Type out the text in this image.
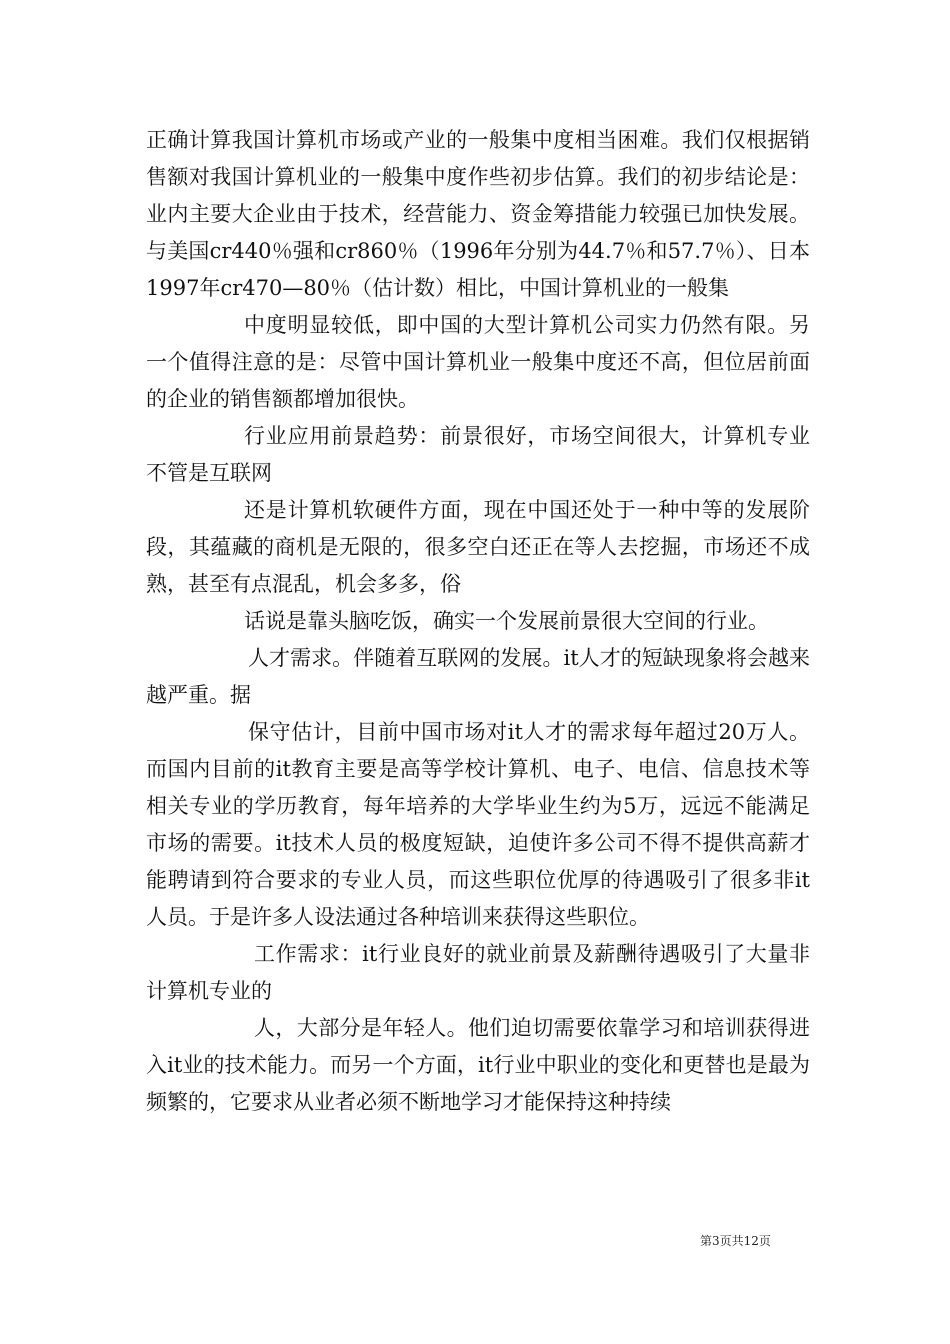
正确计算我国计算机市场或产业的一般集中度相当困难。我们仅根据销售额对我国计算机业的一般集中度作些初步估算。我们的初步结论是：业内主要大企业由于技术，经营能力、资金筹措能力较强已加快发展。与美国cr440％强和cr860％（1996年分别为44.7％和57.7％）、日本1997年cr470—80％（估计数）相比，中国计算机业的一般集

中度明显较低，即中国的大型计算机公司实力仍然有限。另一个值得注意的是：尽管中国计算机业一般集中度还不高，但位居前面的企业的销售额都增加很快。

行业应用前景趋势：前景很好，市场空间很大，计算机专业不管是互联网

还是计算机软硬件方面，现在中国还处于一种中等的发展阶段，其蕴藏的商机是无限的，很多空白还正在等人去挖掘，市场还不成熟，甚至有点混乱，机会多多，俗

话说是靠头脑吃饭，确实一个发展前景很大空间的行业。

人才需求。伴随着互联网的发展。it人才的短缺现象将会越来越严重。据

保守估计，目前中国市场对it人才的需求每年超过20万人。而国内目前的it教育主要是高等学校计算机、电子、电信、信息技术等相关专业的学历教育，每年培养的大学毕业生约为5万，远远不能满足市场的需要。it技术人员的极度短缺，迫使许多公司不得不提供高薪才能聘请到符合要求的专业人员，而这些职位优厚的待遇吸引了很多非it人员。于是许多人设法通过各种培训来获得这些职位。

工作需求：it行业良好的就业前景及薪酬待遇吸引了大量非计算机专业的

人，大部分是年轻人。他们迫切需要依靠学习和培训获得进入it业的技术能力。而另一个方面，it行业中职业的变化和更替也是最为频繁的，它要求从业者必须不断地学习才能保持这种持续

第3页共12页
